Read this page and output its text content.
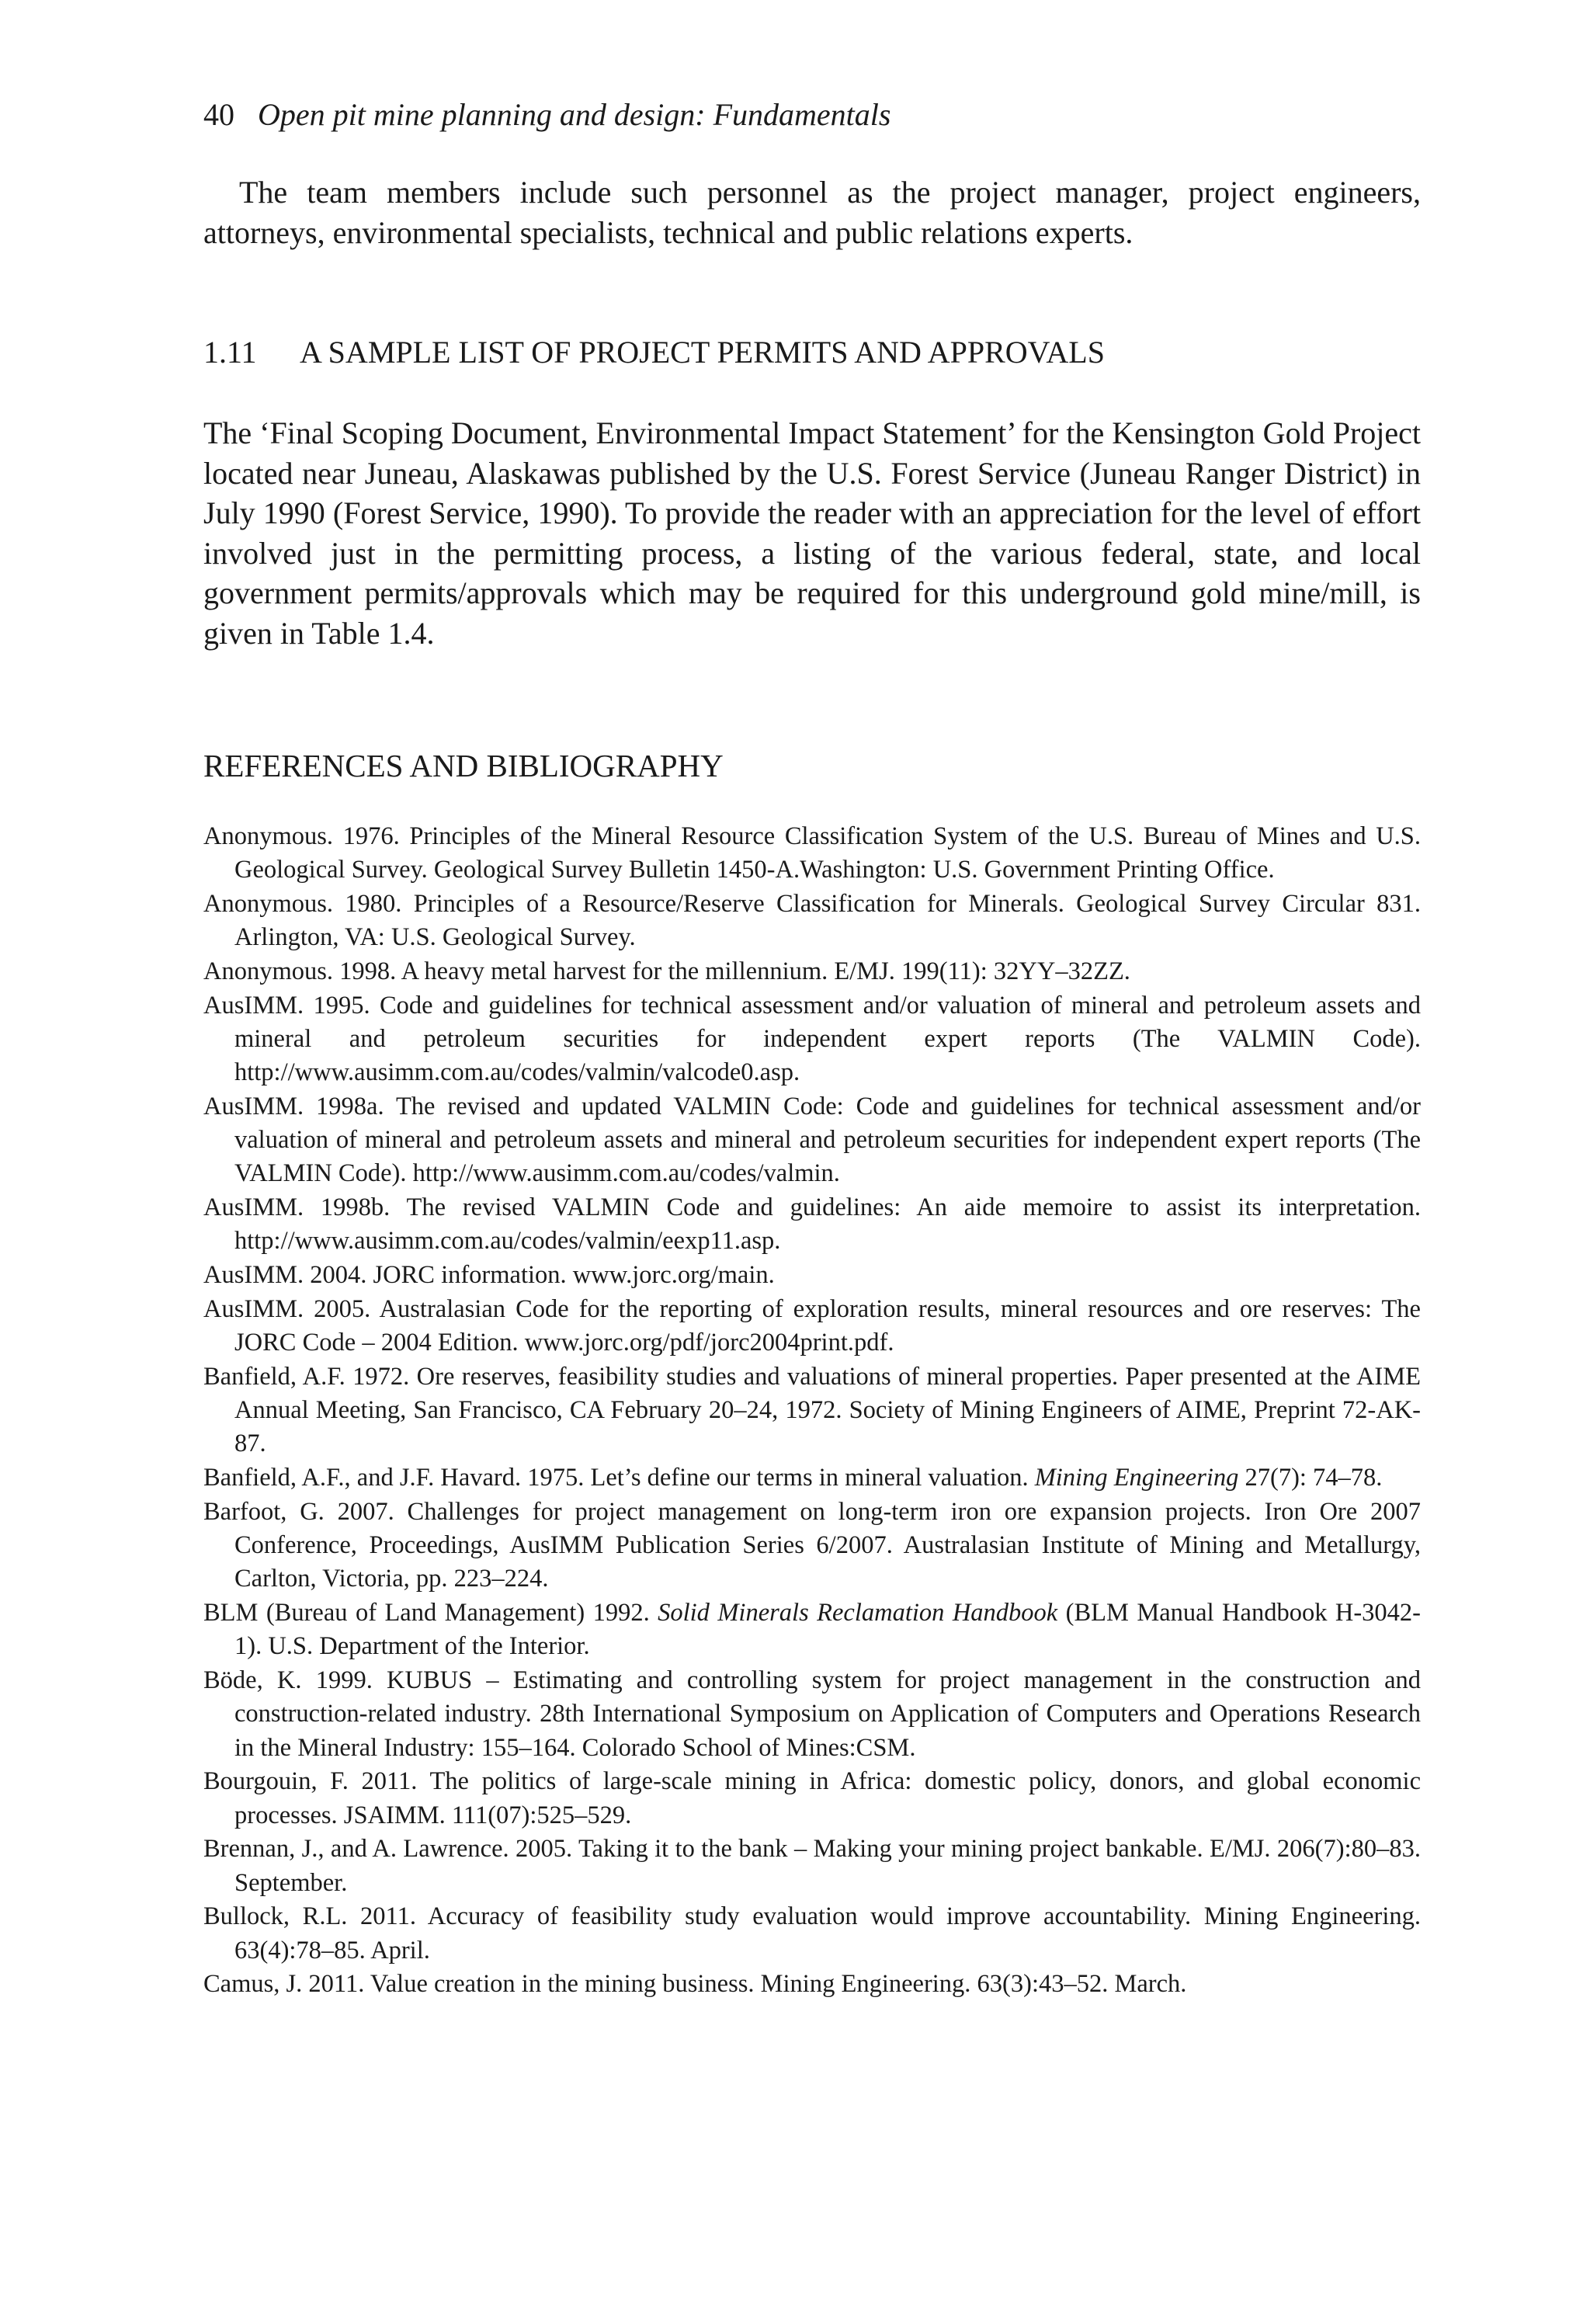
40 Open pit mine planning and design: Fundamentals

The team members include such personnel as the project manager, project engineers, attorneys, environmental specialists, technical and public relations experts.

1.11 A SAMPLE LIST OF PROJECT PERMITS AND APPROVALS

The ‘Final Scoping Document, Environmental Impact Statement’ for the Kensington Gold Project located near Juneau, Alaskawas published by the U.S. Forest Service (Juneau Ranger District) in July 1990 (Forest Service, 1990). To provide the reader with an appreciation for the level of effort involved just in the permitting process, a listing of the various federal, state, and local government permits/approvals which may be required for this underground gold mine/mill, is given in Table 1.4.

REFERENCES AND BIBLIOGRAPHY
Anonymous. 1976. Principles of the Mineral Resource Classification System of the U.S. Bureau of Mines and U.S. Geological Survey. Geological Survey Bulletin 1450-A.Washington: U.S. Government Printing Office.
Anonymous. 1980. Principles of a Resource/Reserve Classification for Minerals. Geological Survey Circular 831. Arlington, VA: U.S. Geological Survey.
Anonymous. 1998. A heavy metal harvest for the millennium. E/MJ. 199(11): 32YY–32ZZ.
AusIMM. 1995. Code and guidelines for technical assessment and/or valuation of mineral and petroleum assets and mineral and petroleum securities for independent expert reports (The VALMIN Code). http://www.ausimm.com.au/codes/valmin/valcode0.asp.
AusIMM. 1998a. The revised and updated VALMIN Code: Code and guidelines for technical assessment and/or valuation of mineral and petroleum assets and mineral and petroleum securities for independent expert reports (The VALMIN Code). http://www.ausimm.com.au/codes/valmin.
AusIMM. 1998b. The revised VALMIN Code and guidelines: An aide memoire to assist its interpretation. http://www.ausimm.com.au/codes/valmin/eexp11.asp.
AusIMM. 2004. JORC information. www.jorc.org/main.
AusIMM. 2005. Australasian Code for the reporting of exploration results, mineral resources and ore reserves: The JORC Code – 2004 Edition. www.jorc.org/pdf/jorc2004print.pdf.
Banfield, A.F. 1972. Ore reserves, feasibility studies and valuations of mineral properties. Paper presented at the AIME Annual Meeting, San Francisco, CA February 20–24, 1972. Society of Mining Engineers of AIME, Preprint 72-AK-87.
Banfield, A.F., and J.F. Havard. 1975. Let’s define our terms in mineral valuation. Mining Engineering 27(7): 74–78.
Barfoot, G. 2007. Challenges for project management on long-term iron ore expansion projects. Iron Ore 2007 Conference, Proceedings, AusIMM Publication Series 6/2007. Australasian Institute of Mining and Metallurgy, Carlton, Victoria, pp. 223–224.
BLM (Bureau of Land Management) 1992. Solid Minerals Reclamation Handbook (BLM Manual Handbook H-3042-1). U.S. Department of the Interior.
Böde, K. 1999. KUBUS – Estimating and controlling system for project management in the construction and construction-related industry. 28th International Symposium on Application of Computers and Operations Research in the Mineral Industry: 155–164. Colorado School of Mines:CSM.
Bourgouin, F. 2011. The politics of large-scale mining in Africa: domestic policy, donors, and global economic processes. JSAIMM. 111(07):525–529.
Brennan, J., and A. Lawrence. 2005. Taking it to the bank – Making your mining project bankable. E/MJ. 206(7):80–83. September.
Bullock, R.L. 2011. Accuracy of feasibility study evaluation would improve accountability. Mining Engineering. 63(4):78–85. April.
Camus, J. 2011. Value creation in the mining business. Mining Engineering. 63(3):43–52. March.
